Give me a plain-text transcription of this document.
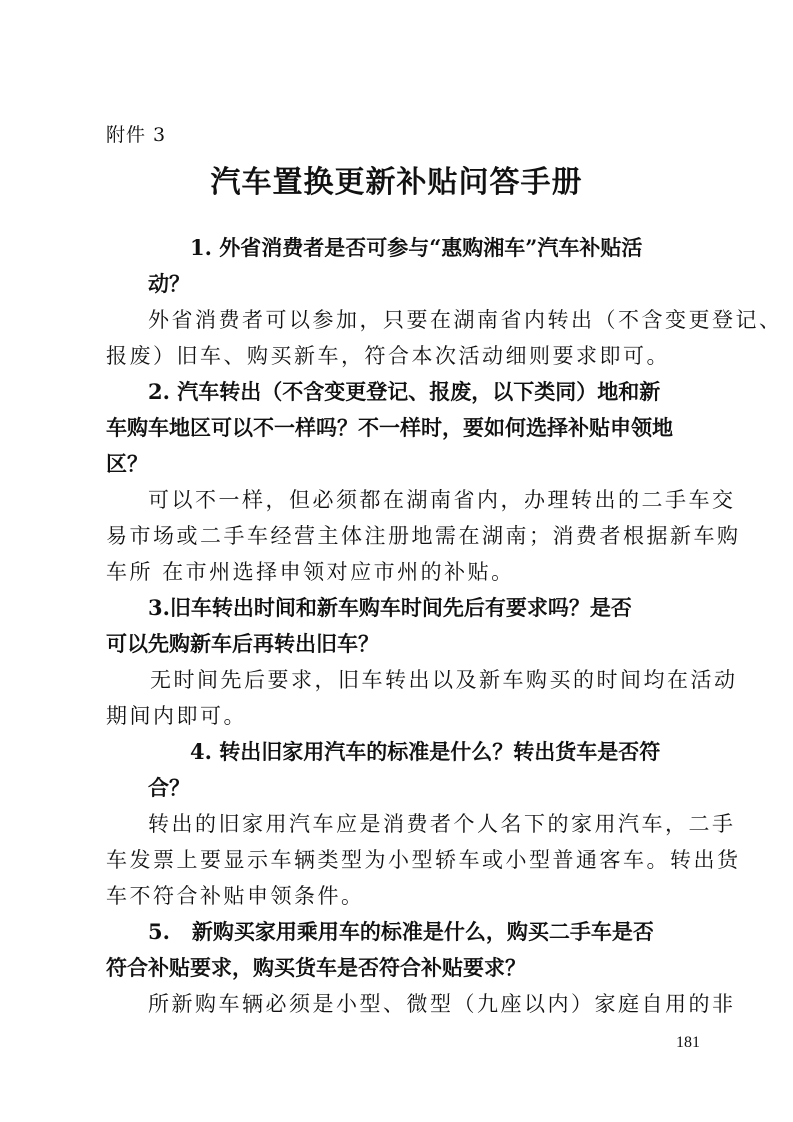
附件 3
汽车置换更新补贴问答手册
1. 外省消费者是否可参与“惠购湘车”汽车补贴活
动？
外省消费者可以参加，只要在湖南省内转出（不含变更登记、
报废）旧车、购买新车，符合本次活动细则要求即可。
2. 汽车转出（不含变更登记、报废，以下类同）地和新
车购车地区可以不一样吗？不一样时，要如何选择补贴申领地
区？
可以不一样，但必须都在湖南省内，办理转出的二手车交
易市场或二手车经营主体注册地需在湖南；消费者根据新车购
车所 在市州选择申领对应市州的补贴。
3.旧车转出时间和新车购车时间先后有要求吗？是否
可以先购新车后再转出旧车？
无时间先后要求，旧车转出以及新车购买的时间均在活动
期间内即可。
4. 转出旧家用汽车的标准是什么？转出货车是否符
合？
转出的旧家用汽车应是消费者个人名下的家用汽车，二手
车发票上要显示车辆类型为小型轿车或小型普通客车。转出货
车不符合补贴申领条件。
5.   新购买家用乘用车的标准是什么，购买二手车是否
符合补贴要求，购买货车是否符合补贴要求？
所新购车辆必须是小型、微型（九座以内）家庭自用的非
181
